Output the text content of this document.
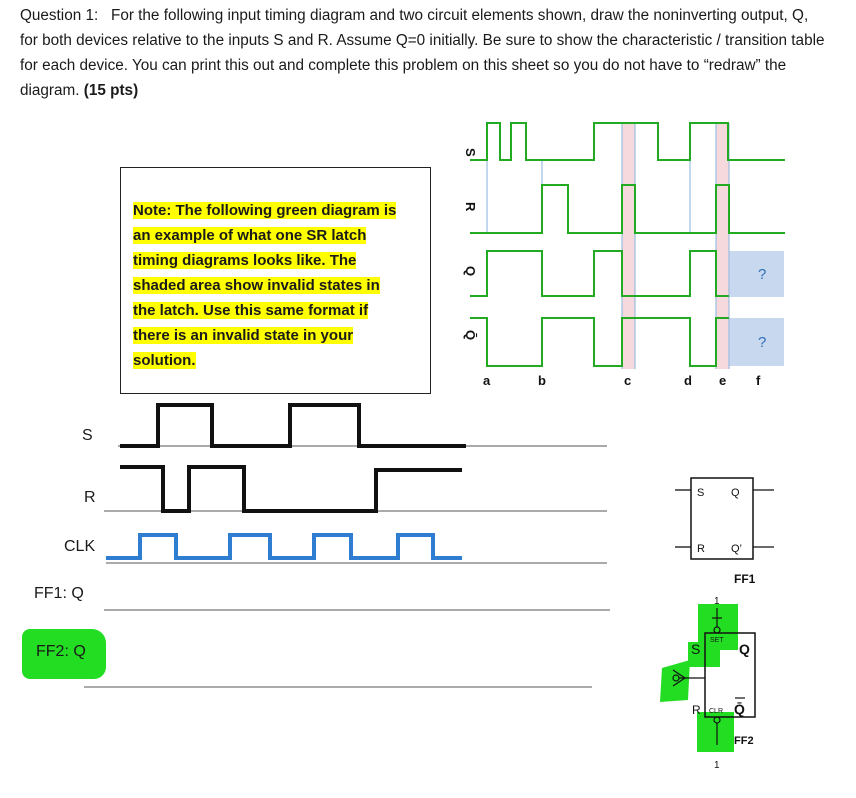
Question 1: For the following input timing diagram and two circuit elements shown, draw the noninverting output, Q, for both devices relative to the inputs S and R. Assume Q=0 initially. Be sure to show the characteristic / transition table for each device. You can print this out and complete this problem on this sheet so you do not have to “redraw” the diagram. (15 pts)
Note: The following green diagram is
an example of what one SR latch
timing diagrams looks like. The
shaded area show invalid states in
the latch. Use this same format if
there is an invalid state in your
solution.
S
R
CLK
FF1: Q
FF2: Q
S
R
Q
Q̄
a	b	c	d e f
?
?
S Q
R Q’
FF1
1
SET
S	Q
R CLR Q̄
1
FF2
